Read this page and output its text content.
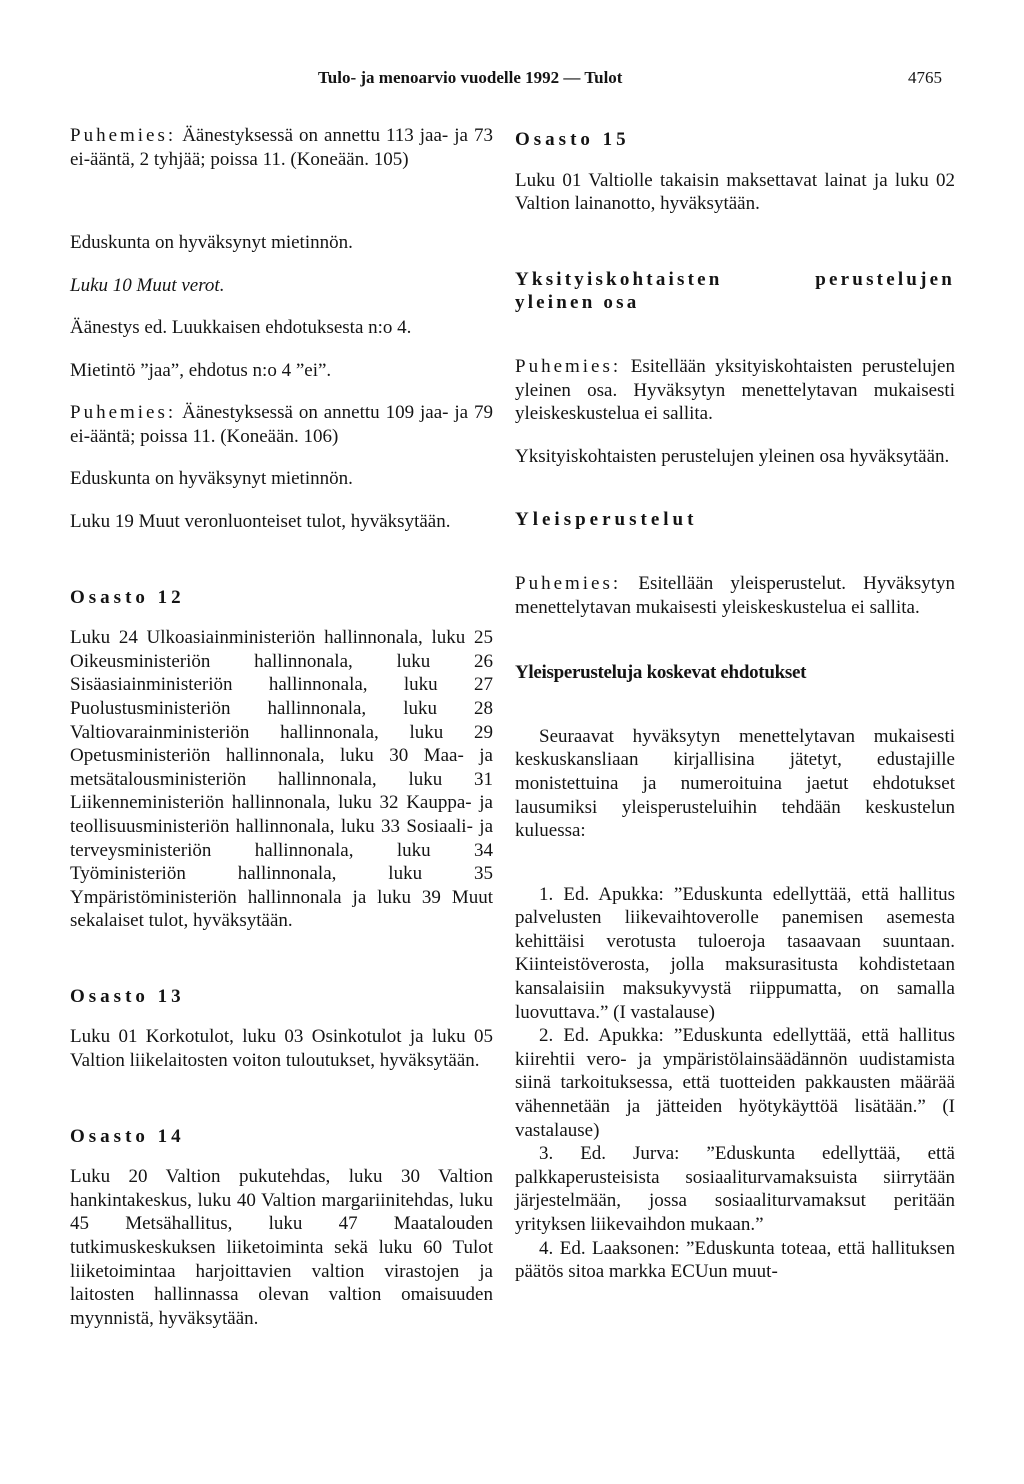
Tulo- ja menoarvio vuodelle 1992 — Tulot	4765

Puhemies: Äänestyksessä on annettu 113 jaa- ja 73 ei-ääntä, 2 tyhjää; poissa 11. (Koneään. 105)

Eduskunta on hyväksynyt mietinnön.

Luku 10 Muut verot.

Äänestys ed. Luukkaisen ehdotuksesta n:o 4.

Mietintö ”jaa”, ehdotus n:o 4 ”ei”.

Puhemies: Äänestyksessä on annettu 109 jaa- ja 79 ei-ääntä; poissa 11. (Koneään. 106)

Eduskunta on hyväksynyt mietinnön.

Luku 19 Muut veronluonteiset tulot, hyväksytään.

Osasto 12

Luku 24 Ulkoasiainministeriön hallinnonala, luku 25 Oikeusministeriön hallinnonala, luku 26 Sisäasiainministeriön hallinnonala, luku 27 Puolustusministeriön hallinnonala, luku 28 Valtiovarainministeriön hallinnonala, luku 29 Opetusministeriön hallinnonala, luku 30 Maa- ja metsätalousministeriön hallinnonala, luku 31 Liikenneministeriön hallinnonala, luku 32 Kauppa- ja teollisuusministeriön hallinnonala, luku 33 Sosiaali- ja terveysministeriön hallinnonala, luku 34 Työministeriön hallinnonala, luku 35 Ympäristöministeriön hallinnonala ja luku 39 Muut sekalaiset tulot, hyväksytään.

Osasto 13

Luku 01 Korkotulot, luku 03 Osinkotulot ja luku 05 Valtion liikelaitosten voiton tuloutukset, hyväksytään.

Osasto 14

Luku 20 Valtion pukutehdas, luku 30 Valtion hankintakeskus, luku 40 Valtion margariinitehdas, luku 45 Metsähallitus, luku 47 Maatalouden tutkimuskeskuksen liiketoiminta sekä luku 60 Tulot liiketoimintaa harjoittavien valtion virastojen ja laitosten hallinnassa olevan valtion omaisuuden myynnistä, hyväksytään.

Osasto 15

Luku 01 Valtiolle takaisin maksettavat lainat ja luku 02 Valtion lainanotto, hyväksytään.

Yksityiskohtaisten perustelujen yleinen osa

Puhemies: Esitellään yksityiskohtaisten perustelujen yleinen osa. Hyväksytyn menettelytavan mukaisesti yleiskeskustelua ei sallita.

Yksityiskohtaisten perustelujen yleinen osa hyväksytään.

Yleisperustelut

Puhemies: Esitellään yleisperustelut. Hyväksytyn menettelytavan mukaisesti yleiskeskustelua ei sallita.

Yleisperusteluja koskevat ehdotukset

Seuraavat hyväksytyn menettelytavan mukaisesti keskuskansliaan kirjallisina jätetyt, edustajille monistettuina ja numeroituina jaetut ehdotukset lausumiksi yleisperusteluihin tehdään keskustelun kuluessa:

1. Ed. Apukka: ”Eduskunta edellyttää, että hallitus palvelusten liikevaihtoverolle panemisen asemesta kehittäisi verotusta tuloeroja tasaavaan suuntaan. Kiinteistöverosta, jolla maksurasitusta kohdistetaan kansalaisiin maksukyvystä riippumatta, on samalla luovuttava.” (I vastalause)

2. Ed. Apukka: ”Eduskunta edellyttää, että hallitus kiirehtii vero- ja ympäristölainsäädännön uudistamista siinä tarkoituksessa, että tuotteiden pakkausten määrää vähennetään ja jätteiden hyötykäyttöä lisätään.” (I vastalause)

3. Ed. Jurva: ”Eduskunta edellyttää, että palkkaperusteisista sosiaaliturvamaksuista siirrytään järjestelmään, jossa sosiaaliturvamaksut peritään yrityksen liikevaihdon mukaan.”

4. Ed. Laaksonen: ”Eduskunta toteaa, että hallituksen päätös sitoa markka ECUun muut-
